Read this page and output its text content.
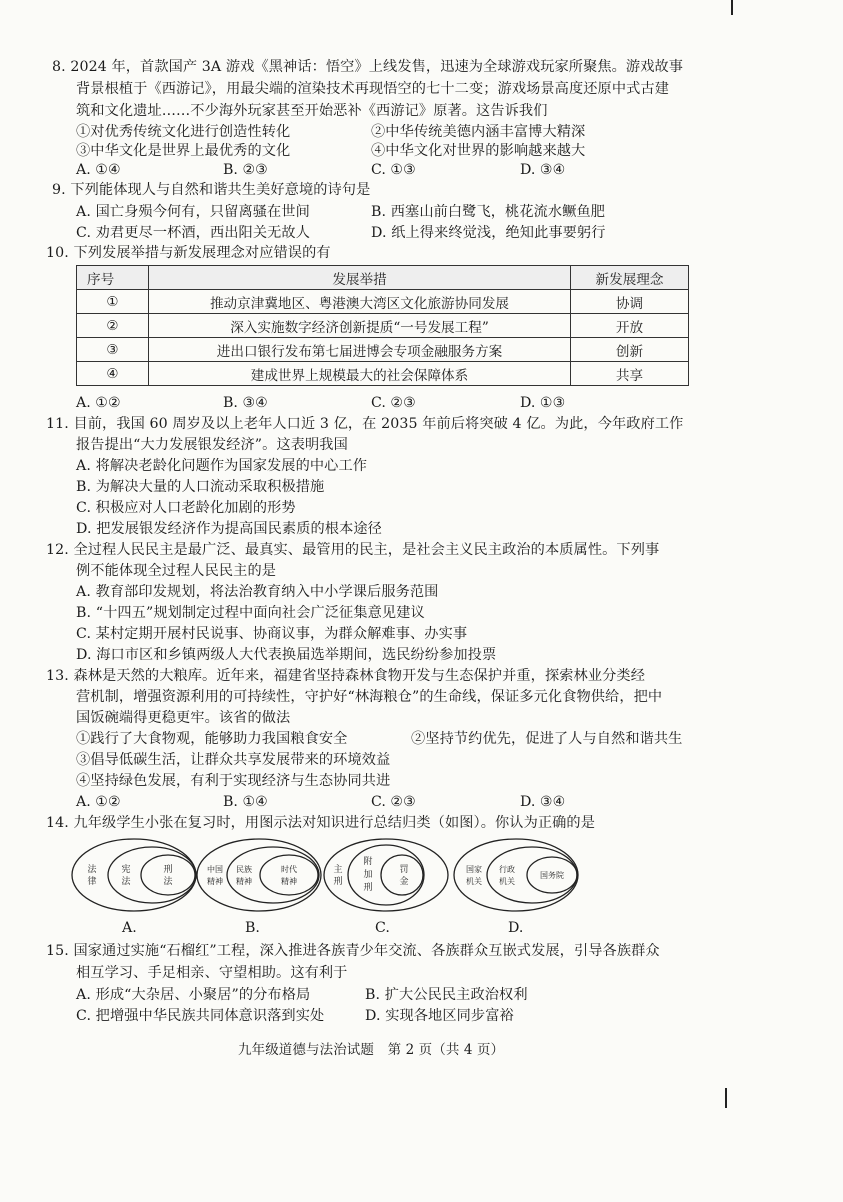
8. 2024 年，首款国产 3A 游戏《黑神话：悟空》上线发售，迅速为全球游戏玩家所聚焦。游戏故事
背景根植于《西游记》，用最尖端的渲染技术再现悟空的七十二变；游戏场景高度还原中式古建
筑和文化遗址……不少海外玩家甚至开始恶补《西游记》原著。这告诉我们
①对优秀传统文化进行创造性转化	②中华传统美德内涵丰富博大精深
③中华文化是世界上最优秀的文化	④中华文化对世界的影响越来越大
A. ①④	B. ②③	C. ①③	D. ③④
9. 下列能体现人与自然和谐共生美好意境的诗句是
A. 国亡身殒今何有，只留离骚在世间	B. 西塞山前白鹭飞，桃花流水鳜鱼肥
C. 劝君更尽一杯酒，西出阳关无故人	D. 纸上得来终觉浅，绝知此事要躬行
10. 下列发展举措与新发展理念对应错误的有
序号	发展举措	新发展理念
①	推动京津冀地区、粤港澳大湾区文化旅游协同发展	协调
②	深入实施数字经济创新提质“一号发展工程”	开放
③	进出口银行发布第七届进博会专项金融服务方案	创新
④	建成世界上规模最大的社会保障体系	共享
A. ①②	B. ③④	C. ②③	D. ①③
11. 目前，我国 60 周岁及以上老年人口近 3 亿，在 2035 年前后将突破 4 亿。为此，今年政府工作
报告提出“大力发展银发经济”。这表明我国
A. 将解决老龄化问题作为国家发展的中心工作
B. 为解决大量的人口流动采取积极措施
C. 积极应对人口老龄化加剧的形势
D. 把发展银发经济作为提高国民素质的根本途径
12. 全过程人民民主是最广泛、最真实、最管用的民主，是社会主义民主政治的本质属性。下列事
例不能体现全过程人民民主的是
A. 教育部印发规划，将法治教育纳入中小学课后服务范围
B. “十四五”规划制定过程中面向社会广泛征集意见建议
C. 某村定期开展村民说事、协商议事，为群众解难事、办实事
D. 海口市区和乡镇两级人大代表换届选举期间，选民纷纷参加投票
13. 森林是天然的大粮库。近年来，福建省坚持森林食物开发与生态保护并重，探索林业分类经
营机制，增强资源利用的可持续性，守护好“林海粮仓”的生命线，保证多元化食物供给，把中
国饭碗端得更稳更牢。该省的做法
①践行了大食物观，能够助力我国粮食安全	②坚持节约优先，促进了人与自然和谐共生
③倡导低碳生活，让群众共享发展带来的环境效益
④坚持绿色发展，有利于实现经济与生态协同共进
A. ①②	B. ①④	C. ②③	D. ③④
14. 九年级学生小张在复习时，用图示法对知识进行总结归类（如图）。你认为正确的是
法
律
宪
法
刑
法
中国
精神
民族
精神
时代
精神
主
刑
附
加
刑
罚
金
国家
机关
行政
机关
国务院
A.	B.	C.	D.
15. 国家通过实施“石榴红”工程，深入推进各族青少年交流、各族群众互嵌式发展，引导各族群众
相互学习、手足相亲、守望相助。这有利于
A. 形成“大杂居、小聚居”的分布格局	B. 扩大公民民主政治权利
C. 把增强中华民族共同体意识落到实处	D. 实现各地区同步富裕
九年级道德与法治试题　第 2 页（共 4 页）
